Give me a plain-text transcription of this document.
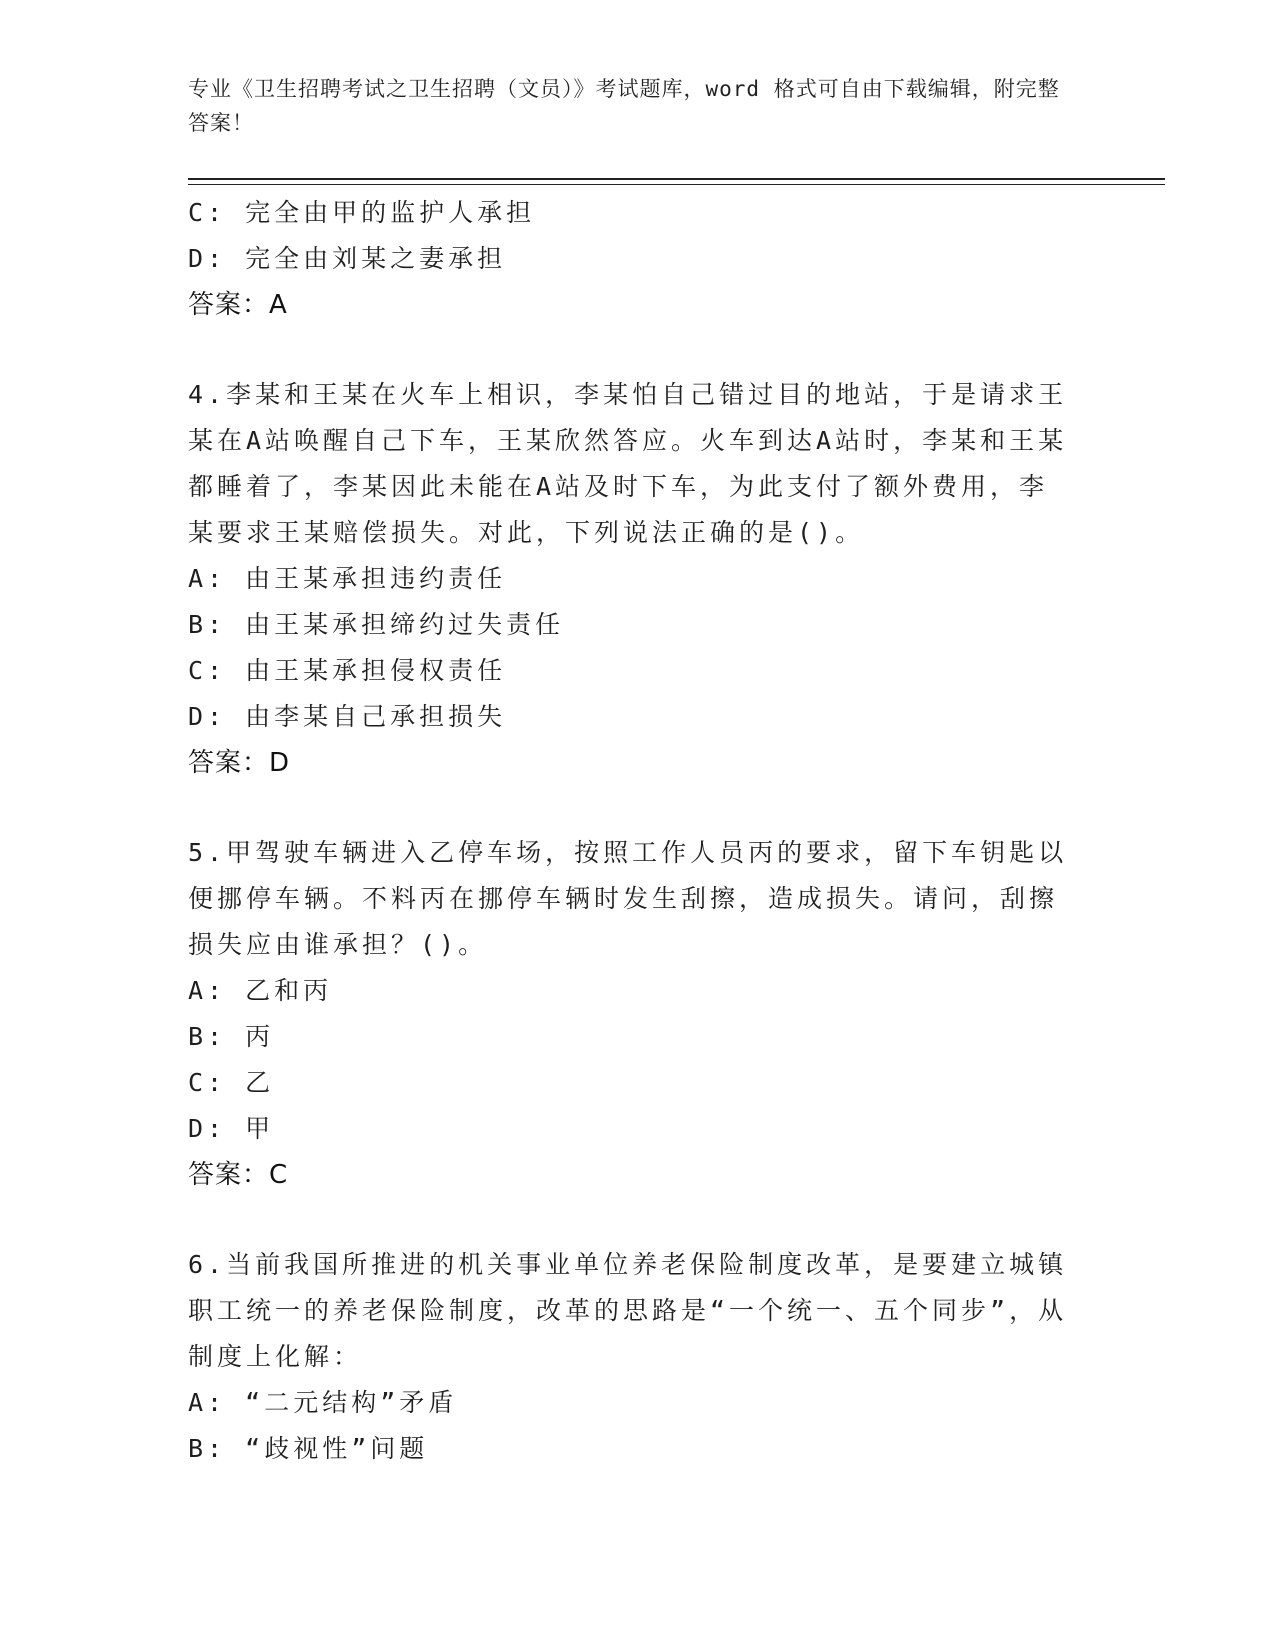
专业《卫生招聘考试之卫生招聘（文员）》考试题库，word 格式可自由下载编辑，附完整答案！
C: 完全由甲的监护人承担
D: 完全由刘某之妻承担
答案：A
4.李某和王某在火车上相识，李某怕自己错过目的地站，于是请求王某在A站唤醒自己下车，王某欣然答应。火车到达A站时，李某和王某都睡着了，李某因此未能在A站及时下车，为此支付了额外费用，李某要求王某赔偿损失。对此，下列说法正确的是()。
A: 由王某承担违约责任
B: 由王某承担缔约过失责任
C: 由王某承担侵权责任
D: 由李某自己承担损失
答案：D
5.甲驾驶车辆进入乙停车场，按照工作人员丙的要求，留下车钥匙以便挪停车辆。不料丙在挪停车辆时发生刮擦，造成损失。请问，刮擦损失应由谁承担？()。
A: 乙和丙
B: 丙
C: 乙
D: 甲
答案：C
6.当前我国所推进的机关事业单位养老保险制度改革，是要建立城镇职工统一的养老保险制度，改革的思路是“一个统一、五个同步”，从制度上化解：
A: “二元结构”矛盾
B: “歧视性”问题
